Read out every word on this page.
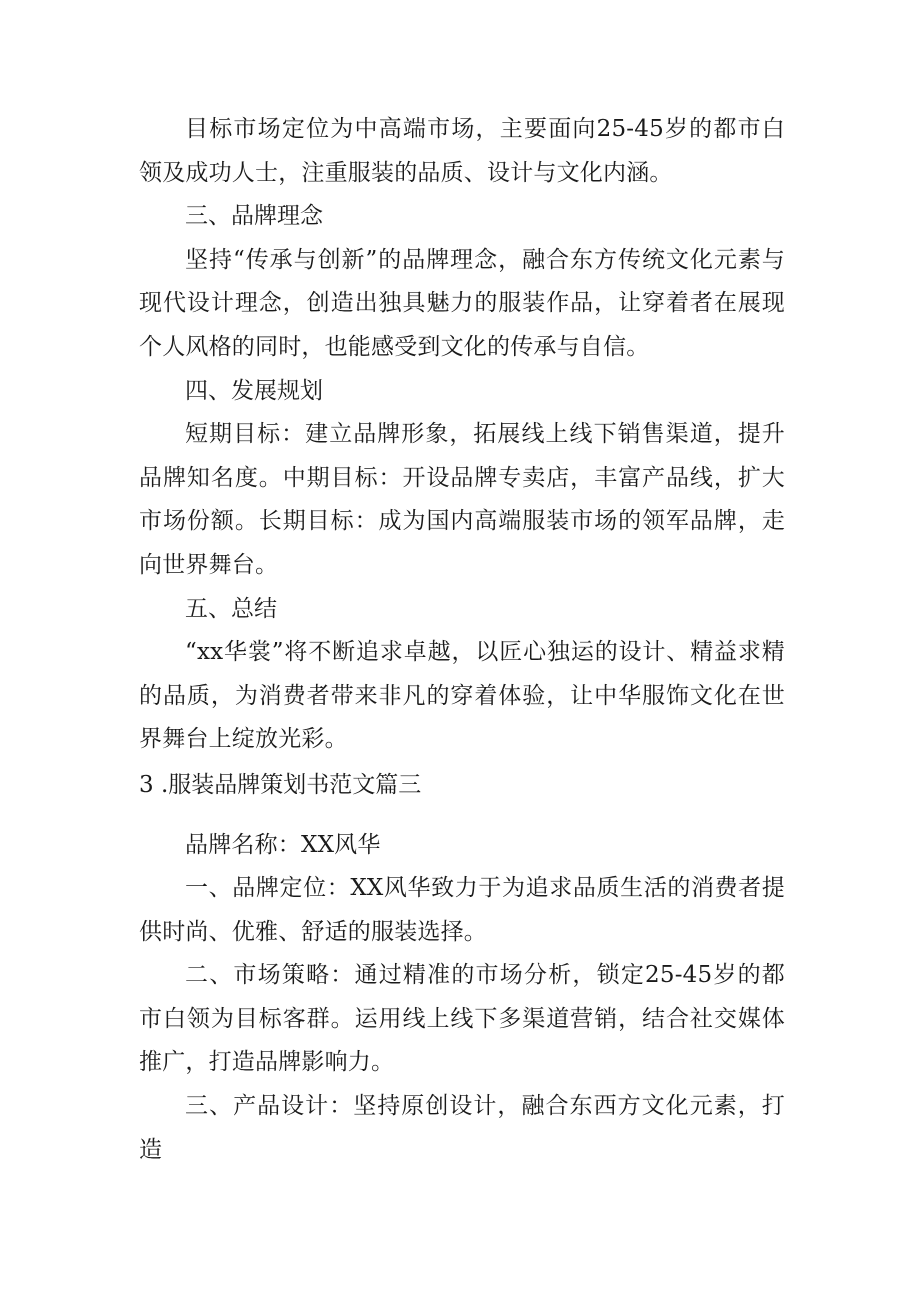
目标市场定位为中高端市场，主要面向25-45岁的都市白领及成功人士，注重服装的品质、设计与文化内涵。

三、品牌理念

坚持“传承与创新”的品牌理念，融合东方传统文化元素与现代设计理念，创造出独具魅力的服装作品，让穿着者在展现个人风格的同时，也能感受到文化的传承与自信。

四、发展规划

短期目标：建立品牌形象，拓展线上线下销售渠道，提升品牌知名度。中期目标：开设品牌专卖店，丰富产品线，扩大市场份额。长期目标：成为国内高端服装市场的领军品牌，走向世界舞台。

五、总结

“xx华裳”将不断追求卓越，以匠心独运的设计、精益求精的品质，为消费者带来非凡的穿着体验，让中华服饰文化在世界舞台上绽放光彩。

3 .服装品牌策划书范文篇三

品牌名称：XX风华

一、品牌定位：XX风华致力于为追求品质生活的消费者提供时尚、优雅、舒适的服装选择。

二、市场策略：通过精准的市场分析，锁定25-45岁的都市白领为目标客群。运用线上线下多渠道营销，结合社交媒体推广，打造品牌影响力。

三、产品设计：坚持原创设计，融合东西方文化元素，打造
